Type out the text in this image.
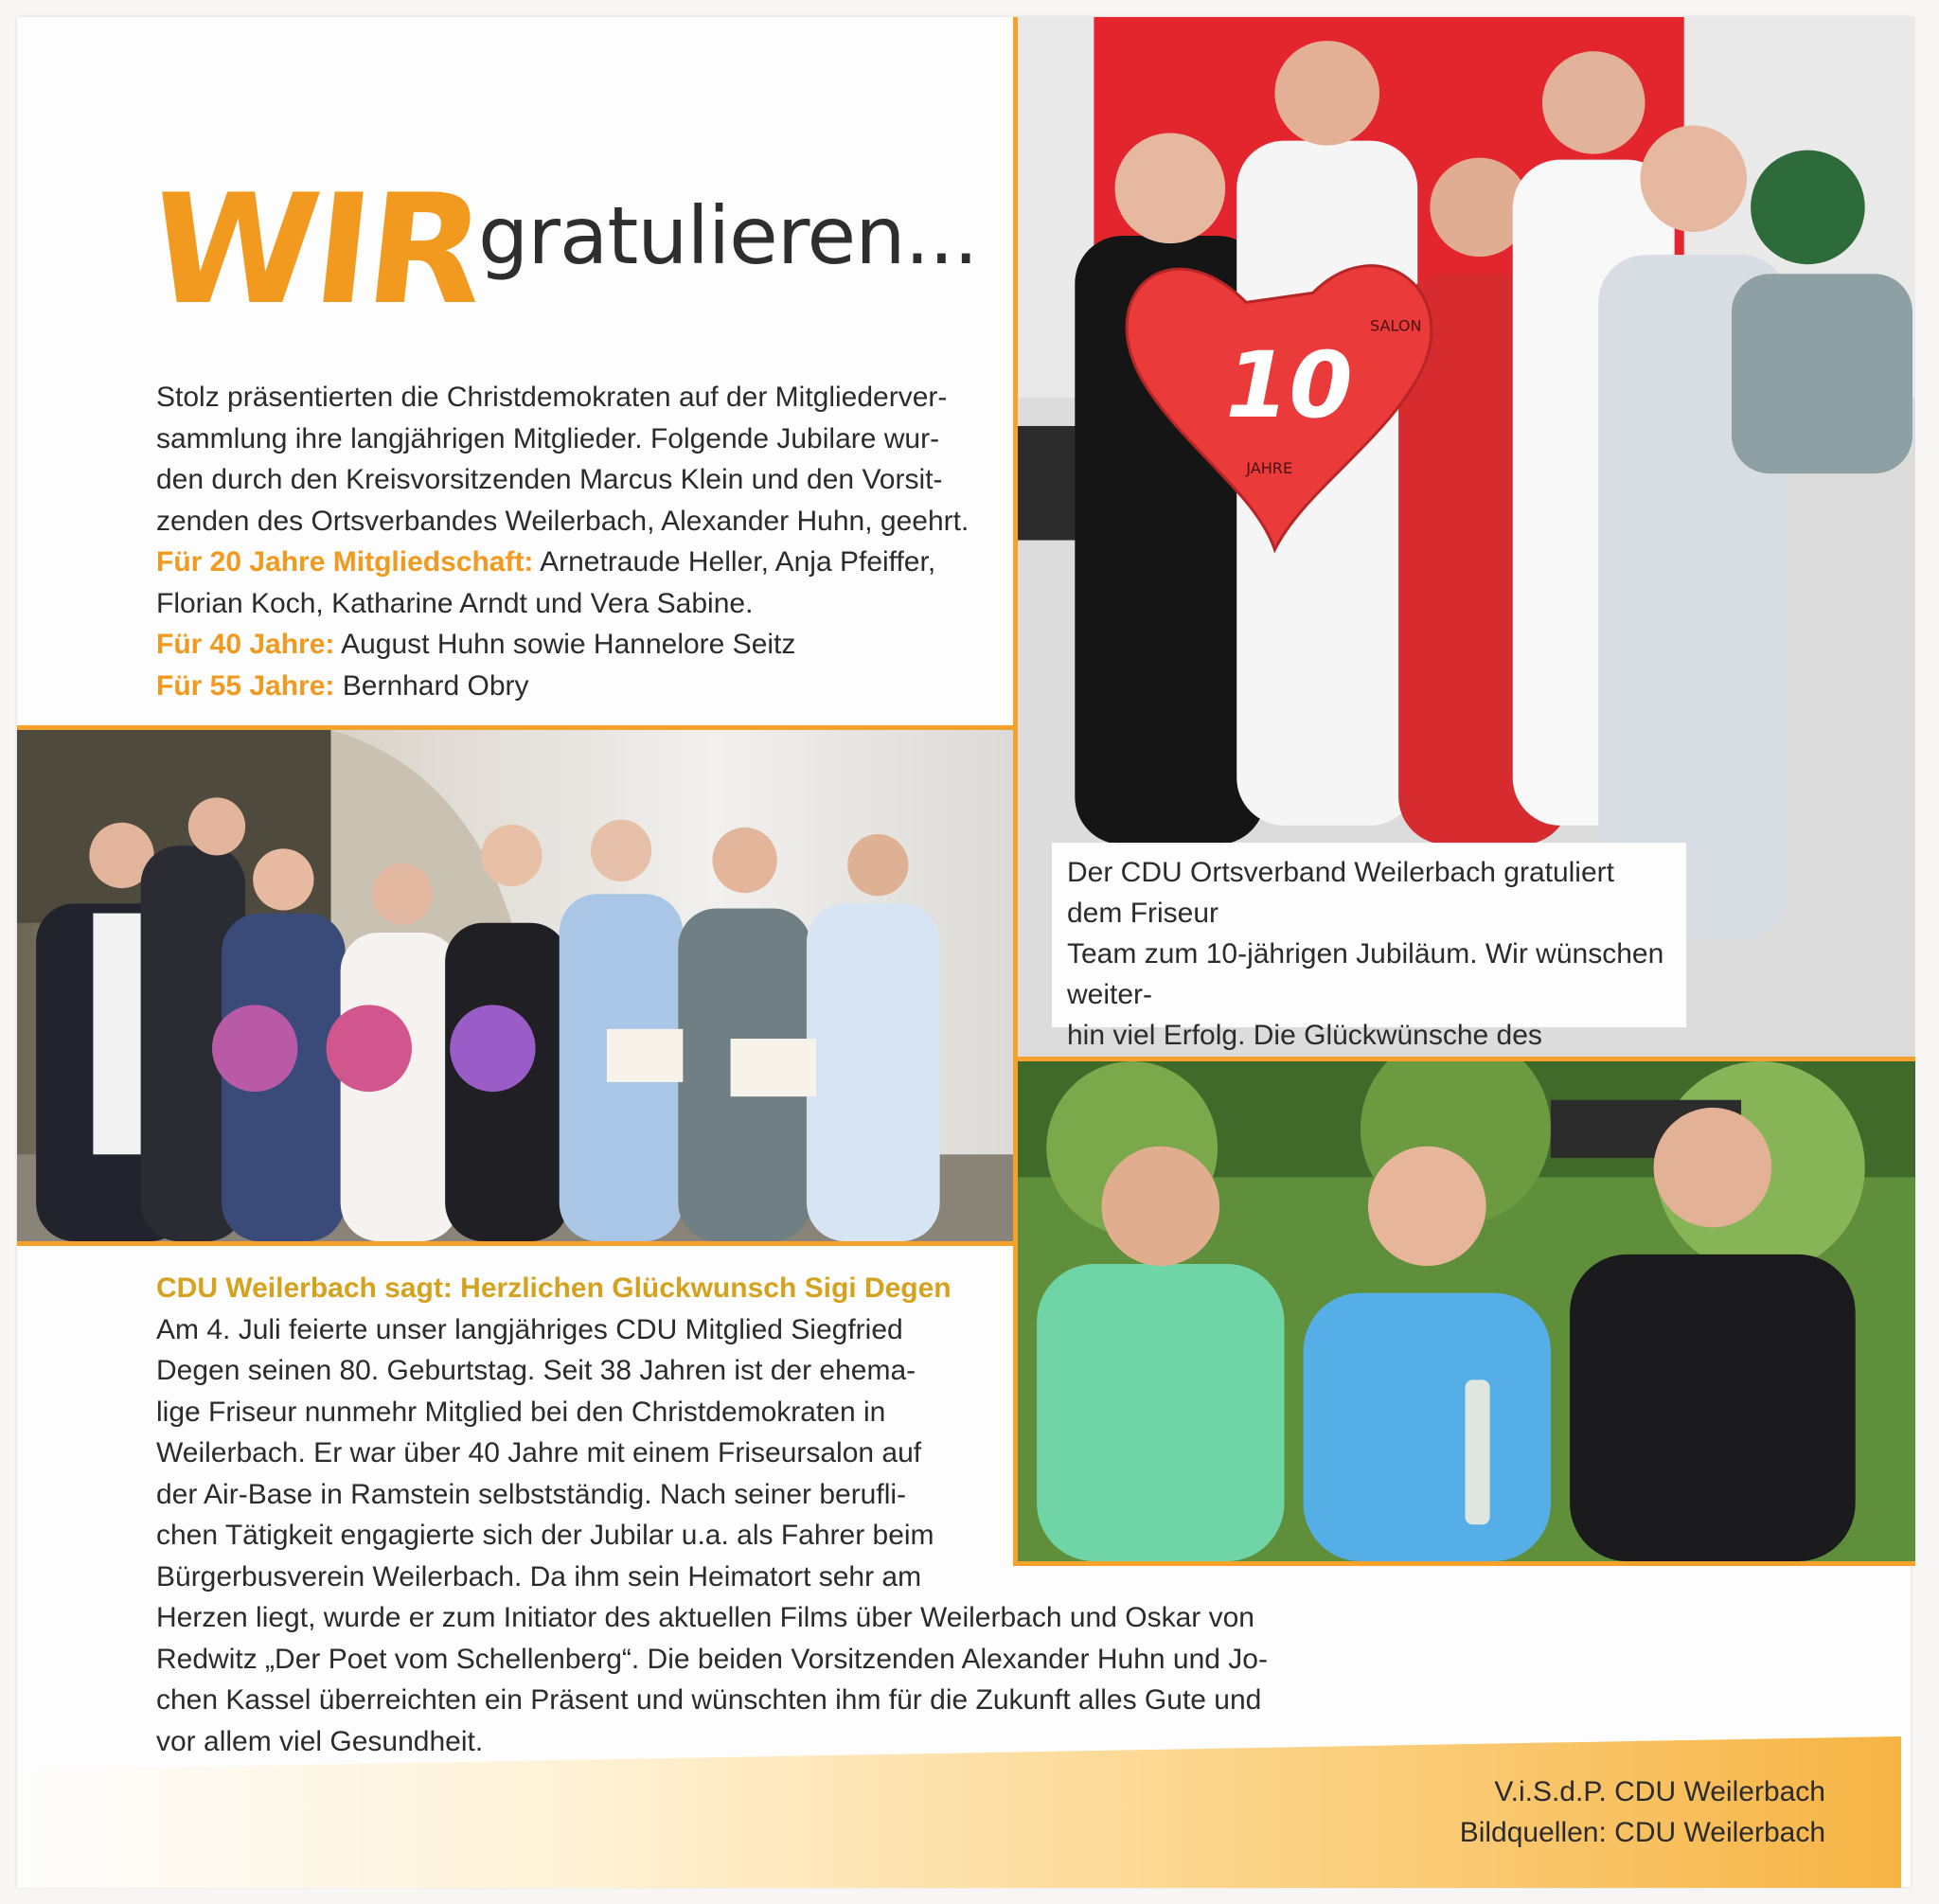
WIR
gratulieren...

Stolz präsentierten die Christdemokraten auf der Mitgliederver-

sammlung ihre langjährigen Mitglieder. Folgende Jubilare wur-

den durch den Kreisvorsitzenden Marcus Klein und den Vorsit-

zenden des Ortsverbandes Weilerbach, Alexander Huhn, geehrt.

Für 20 Jahre Mitgliedschaft: Arnetraude Heller, Anja Pfeiffer,

Florian Koch, Katharine Arndt und Vera Sabine.

Für 40 Jahre: August Huhn sowie Hannelore Seitz

Für 55 Jahre: Bernhard Obry

10
SALON
JAHRE
Der CDU Ortsverband Weilerbach gratuliert dem Friseur
Team zum 10-jährigen Jubiläum. Wir wünschen weiter-
hin viel Erfolg. Die Glückwünsche des
CDU Weilerbach sagt: Herzlichen Glückwunsch Sigi Degen

Am 4. Juli feierte unser langjähriges CDU Mitglied Siegfried

Degen seinen 80. Geburtstag. Seit 38 Jahren ist der ehema-

lige Friseur nunmehr Mitglied bei den Christdemokraten in

Weilerbach. Er war über 40 Jahre mit einem Friseursalon auf

der Air-Base in Ramstein selbstständig. Nach seiner berufli-

chen Tätigkeit engagierte sich der Jubilar u.a. als Fahrer beim

Bürgerbusverein Weilerbach. Da ihm sein Heimatort sehr am

Herzen liegt, wurde er zum Initiator des aktuellen Films über Weilerbach und Oskar von

Redwitz „Der Poet vom Schellenberg“. Die beiden Vorsitzenden Alexander Huhn und Jo-

chen Kassel überreichten ein Präsent und wünschten ihm für die Zukunft alles Gute und

vor allem viel Gesundheit.

V.i.S.d.P. CDU Weilerbach
Bildquellen: CDU Weilerbach
